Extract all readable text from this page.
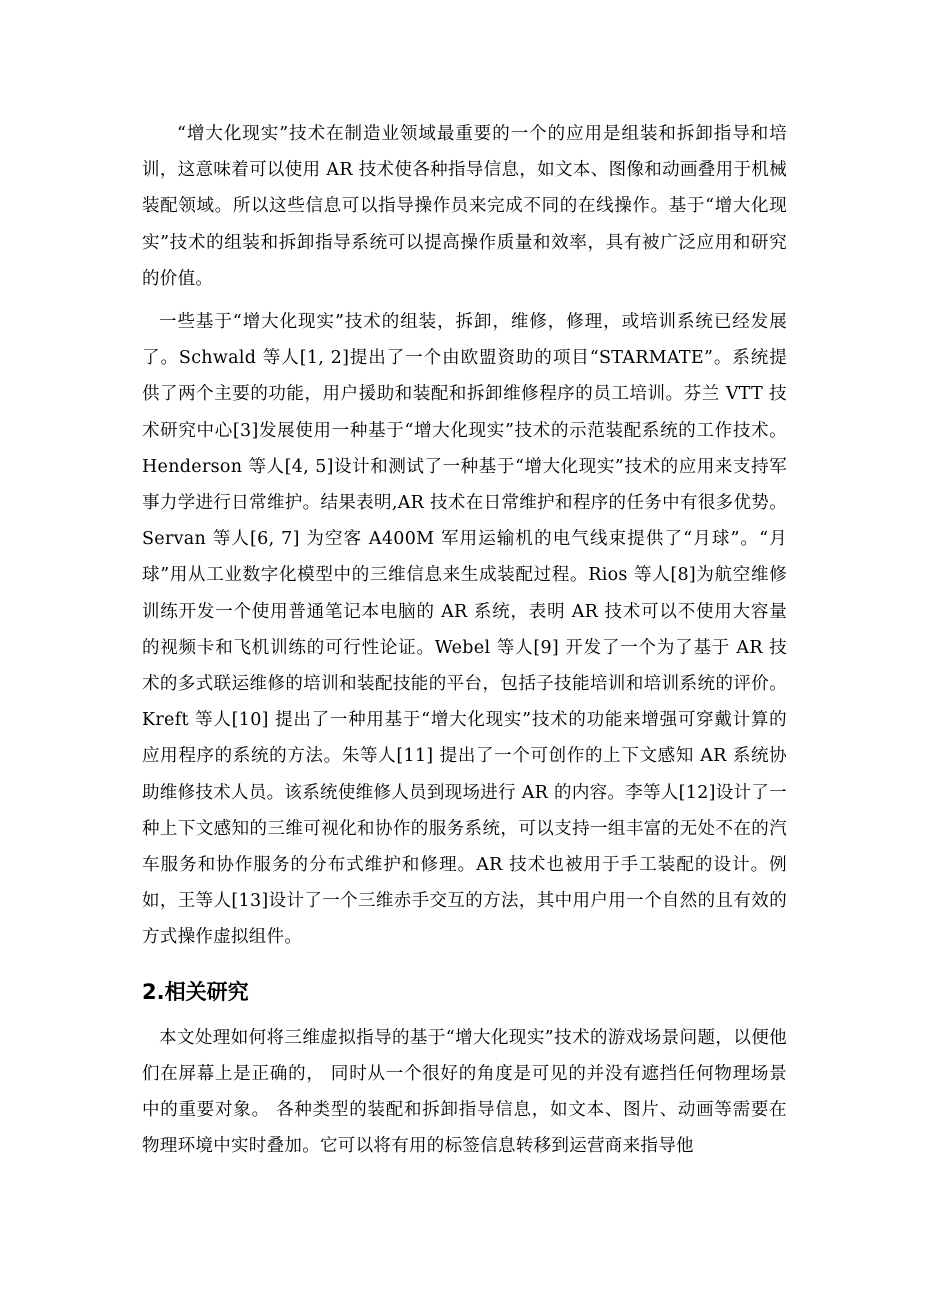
“增大化现实”技术在制造业领域最重要的一个的应用是组装和拆卸指导和培训，这意味着可以使用 AR 技术使各种指导信息，如文本、图像和动画叠用于机械装配领域。所以这些信息可以指导操作员来完成不同的在线操作。基于“增大化现实”技术的组装和拆卸指导系统可以提高操作质量和效率，具有被广泛应用和研究的价值。

一些基于“增大化现实”技术的组装，拆卸，维修，修理，或培训系统已经发展了。Schwald 等人[1, 2]提出了一个由欧盟资助的项目“STARMATE”。系统提供了两个主要的功能，用户援助和装配和拆卸维修程序的员工培训。芬兰 VTT 技术研究中心[3]发展使用一种基于“增大化现实”技术的示范装配系统的工作技术。Henderson 等人[4, 5]设计和测试了一种基于“增大化现实”技术的应用来支持军事力学进行日常维护。结果表明,AR 技术在日常维护和程序的任务中有很多优势。Servan 等人[6, 7] 为空客 A400M 军用运输机的电气线束提供了“月球”。“月球”用从工业数字化模型中的三维信息来生成装配过程。Rios 等人[8]为航空维修训练开发一个使用普通笔记本电脑的 AR 系统，表明 AR 技术可以不使用大容量的视频卡和飞机训练的可行性论证。Webel 等人[9] 开发了一个为了基于 AR 技术的多式联运维修的培训和装配技能的平台，包括子技能培训和培训系统的评价。Kreft 等人[10] 提出了一种用基于“增大化现实”技术的功能来增强可穿戴计算的应用程序的系统的方法。朱等人[11] 提出了一个可创作的上下文感知 AR 系统协助维修技术人员。该系统使维修人员到现场进行 AR 的内容。李等人[12]设计了一种上下文感知的三维可视化和协作的服务系统，可以支持一组丰富的无处不在的汽车服务和协作服务的分布式维护和修理。AR 技术也被用于手工装配的设计。例如，王等人[13]设计了一个三维赤手交互的方法，其中用户用一个自然的且有效的方式操作虚拟组件。

2.相关研究

本文处理如何将三维虚拟指导的基于“增大化现实”技术的游戏场景问题，以便他们在屏幕上是正确的， 同时从一个很好的角度是可见的并没有遮挡任何物理场景中的重要对象。 各种类型的装配和拆卸指导信息，如文本、图片、动画等需要在物理环境中实时叠加。它可以将有用的标签信息转移到运营商来指导他
